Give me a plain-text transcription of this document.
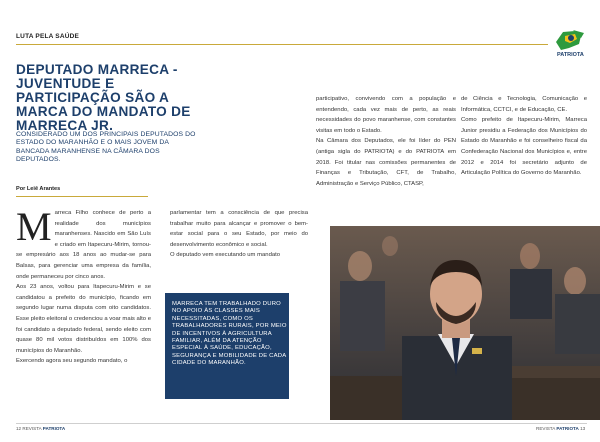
LUTA PELA SAÚDE
PATRIOTA
DEPUTADO MARRECA - JUVENTUDE E PARTICIPAÇÃO SÃO A MARCA DO MANDATO DE MARRECA JR.
CONSIDERADO UM DOS PRINCIPAIS DEPUTADOS DO ESTADO DO MARANHÃO E O MAIS JOVEM DA BANCADA MARANHENSE NA CÂMARA DOS DEPUTADOS.
Por Leiê Arantes
M arreca Filho conhece de perto a realidade dos municípios maranhenses. Nascido em São Luís e criado em Itapecuru-Mirim, tornou-se empresário aos 18 anos ao mudar-se para Balsas, para gerenciar uma empresa da família, onde permaneceu por cinco anos.

Aos 23 anos, voltou para Itapecuru-Mirim e se candidatou a prefeito do município, ficando em segundo lugar numa disputa com oito candidatos. Esse pleito eleitoral o credenciou a voar mais alto e foi candidato a deputado federal, sendo eleito com quase 80 mil votos distribuídos em 100% dos municípios do Maranhão.

Exercendo agora seu segundo mandato, o

parlamentar tem a consciência de que precisa trabalhar muito para alcançar e promover o bem-estar social para o seu Estado, por meio do desenvolvimento econômico e social.

O deputado vem executando um mandato

participativo, convivendo com a população e entendendo, cada vez mais de perto, as reais necessidades do povo maranhense, com constantes visitas em todo o Estado.

Na Câmara dos Deputados, ele foi líder do PEN (antiga sigla do PATRIOTA) e do PATRIOTA em 2018. Foi titular nas comissões permanentes de Finanças e Tributação, CFT, de Trabalho, Administração e Serviço Público, CTASP,

de Ciência e Tecnologia, Comunicação e Informática, CCTCI, e de Educação, CE.

Como prefeito de Itapecuru-Mirim, Marreca Junior presidiu a Federação dos Municípios do Estado do Maranhão e foi conselheiro fiscal da Confederação Nacional dos Municípios e, entre 2012 e 2014 foi secretário adjunto de Articulação Política do Governo do Maranhão.

MARRECA TEM TRABALHADO DURO NO APOIO ÀS CLASSES MAIS NECESSITADAS, COMO OS TRABALHADORES RURAIS, POR MEIO DE INCENTIVOS À AGRICULTURA FAMILIAR, ALÉM DA ATENÇÃO ESPECIAL À SAÚDE, EDUCAÇÃO, SEGURANÇA E MOBILIDADE DE CADA CIDADE DO MARANHÃO.
12 REVISTA PATRIOTA	REVISTA PATRIOTA 13
